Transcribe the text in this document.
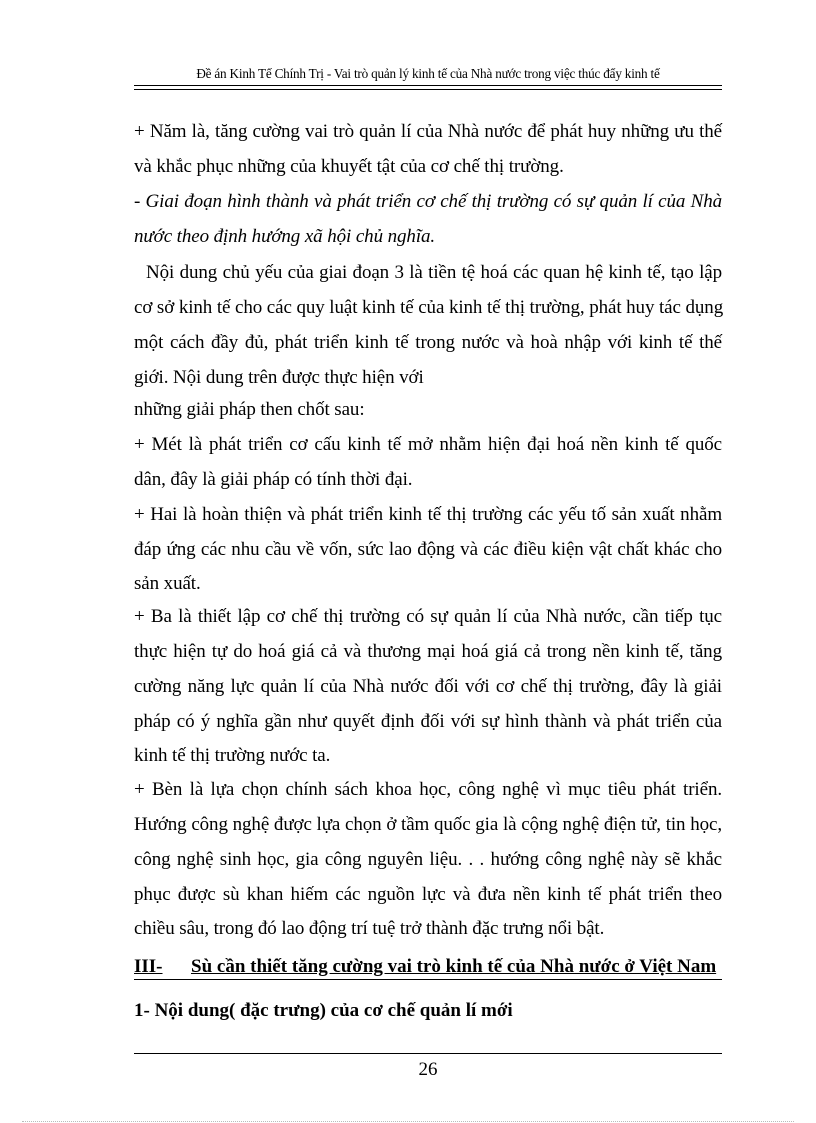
Đề án Kinh Tế Chính Trị - Vai trò quản lý kinh tế của Nhà nước trong việc thúc đẩy kinh tế
+ Năm là, tăng cường vai trò quản lí của Nhà nước để phát huy những ưu thế
và khắc phục những của khuyết tật của cơ chế thị trường.
- Giai đoạn hình thành và phát triển cơ chế thị trường có sự quản lí của Nhà
nước theo định hướng xã hội chủ nghĩa.
Nội dung chủ yếu của giai đoạn 3 là tiền tệ hoá các quan hệ kinh tế, tạo lập
cơ sở kinh tế cho các quy luật kinh tế của kinh tế thị trường, phát huy tác dụng
một cách đầy đủ, phát triển kinh tế trong nước và hoà nhập với kinh tế thế
giới. Nội dung trên được thực hiện với
những giải pháp then chốt sau:
+ Mét là phát triển cơ cấu kinh tế mở nhằm hiện đại hoá nền kinh tế quốc
dân, đây là giải pháp có tính thời đại.
+ Hai là hoàn thiện và phát triển kinh tế thị trường các yếu tố sản xuất nhằm
đáp ứng các nhu cầu về vốn, sức lao động và các điều kiện vật chất khác cho
sản xuất.
+ Ba là thiết lập cơ chế thị trường có sự quản lí của Nhà nước, cần tiếp tục
thực hiện tự do hoá giá cả và thương mại hoá giá cả trong nền kinh tế, tăng
cường năng lực quản lí của Nhà nước đối với cơ chế thị trường, đây là giải
pháp có ý nghĩa gần như quyết định đối với sự hình thành và phát triển của
kinh tế thị trường nước ta.
+ Bèn là lựa chọn chính sách khoa học, công nghệ vì mục tiêu phát triển.
Hướng công nghệ được lựa chọn ở tầm quốc gia là cộng nghệ điện tử, tin học,
công nghệ sinh học, gia công nguyên liệu. . . hướng công nghệ này sẽ khắc
phục được sù khan hiếm các nguồn lực và đưa nền kinh tế phát triển theo
chiều sâu, trong đó lao động trí tuệ trở thành đặc trưng nổi bật.
III- Sù cần thiết tăng cường vai trò kinh tế của Nhà nước ở Việt Nam
1- Nội dung( đặc trưng) của cơ chế quản lí mới
26
